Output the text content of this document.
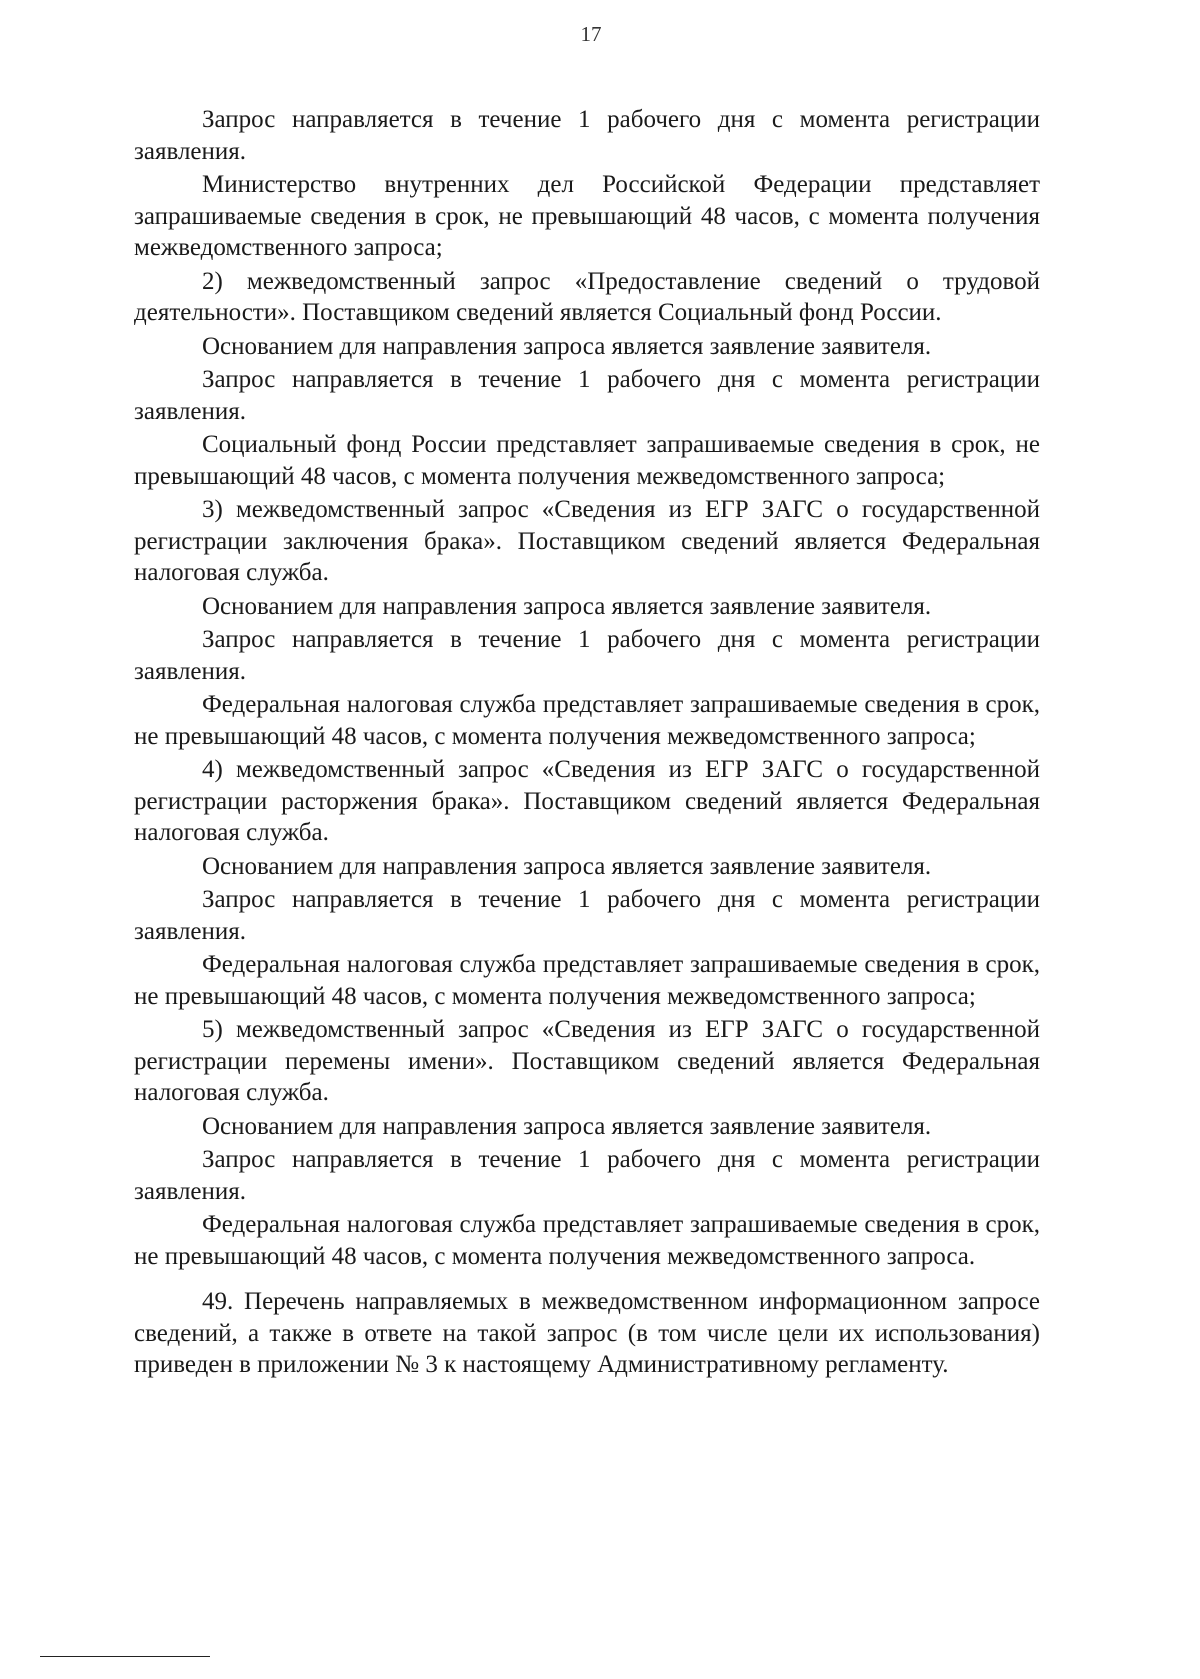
17

Запрос направляется в течение 1 рабочего дня с момента регистрации заявления.

Министерство внутренних дел Российской Федерации представляет запрашиваемые сведения в срок, не превышающий 48 часов, с момента получения межведомственного запроса;

2) межведомственный запрос «Предоставление сведений о трудовой деятельности». Поставщиком сведений является Социальный фонд России.

Основанием для направления запроса является заявление заявителя.

Запрос направляется в течение 1 рабочего дня с момента регистрации заявления.

Социальный фонд России представляет запрашиваемые сведения в срок, не превышающий 48 часов, с момента получения межведомственного запроса;

3) межведомственный запрос «Сведения из ЕГР ЗАГС о государственной регистрации заключения брака». Поставщиком сведений является Федеральная налоговая служба.

Основанием для направления запроса является заявление заявителя.

Запрос направляется в течение 1 рабочего дня с момента регистрации заявления.

Федеральная налоговая служба представляет запрашиваемые сведения в срок, не превышающий 48 часов, с момента получения межведомственного запроса;

4) межведомственный запрос «Сведения из ЕГР ЗАГС о государственной регистрации расторжения брака». Поставщиком сведений является Федеральная налоговая служба.

Основанием для направления запроса является заявление заявителя.

Запрос направляется в течение 1 рабочего дня с момента регистрации заявления.

Федеральная налоговая служба представляет запрашиваемые сведения в срок, не превышающий 48 часов, с момента получения межведомственного запроса;

5) межведомственный запрос «Сведения из ЕГР ЗАГС о государственной регистрации перемены имени». Поставщиком сведений является Федеральная налоговая служба.

Основанием для направления запроса является заявление заявителя.

Запрос направляется в течение 1 рабочего дня с момента регистрации заявления.

Федеральная налоговая служба представляет запрашиваемые сведения в срок, не превышающий 48 часов, с момента получения межведомственного запроса.

49. Перечень направляемых в межведомственном информационном запросе сведений, а также в ответе на такой запрос (в том числе цели их использования) приведен в приложении № 3 к настоящему Административному регламенту.
